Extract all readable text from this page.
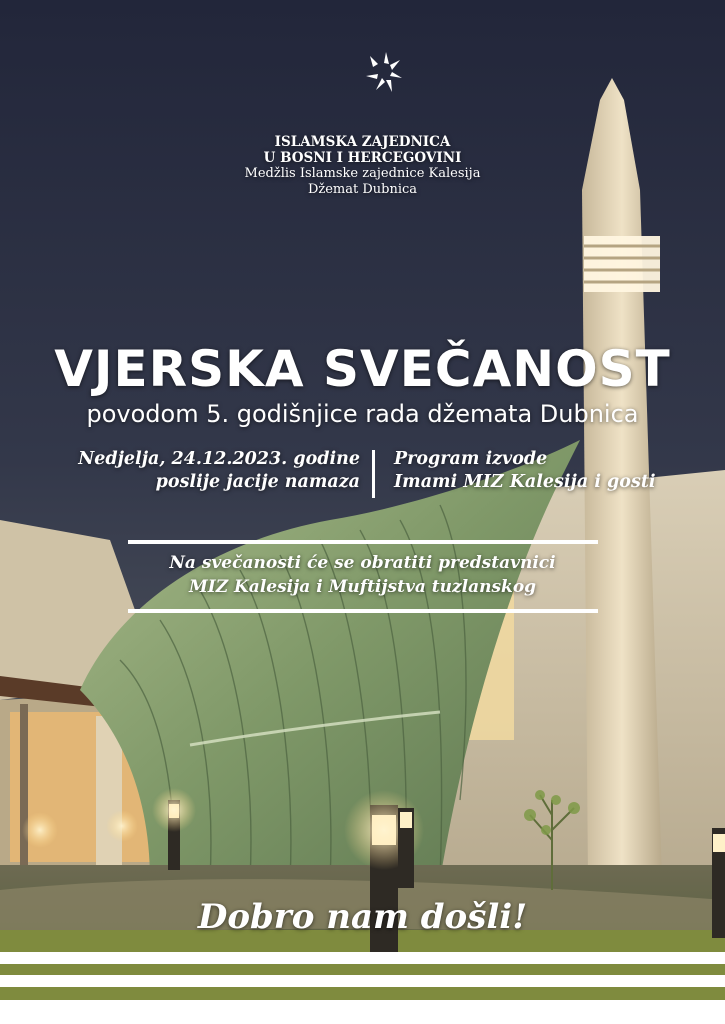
ISLAMSKA ZAJEDNICA
U BOSNI I HERCEGOVINI
Medžlis Islamske zajednice Kalesija
Džemat Dubnica
VJERSKA SVEČANOST
povodom 5. godišnjice rada džemata Dubnica
Nedjelja, 24.12.2023. godine
poslije jacije namaza
Program izvode
Imami MIZ Kalesija i gosti
Na svečanosti će se obratiti predstavnici
MIZ Kalesija i Muftijstva tuzlanskog
Dobro nam došli!
